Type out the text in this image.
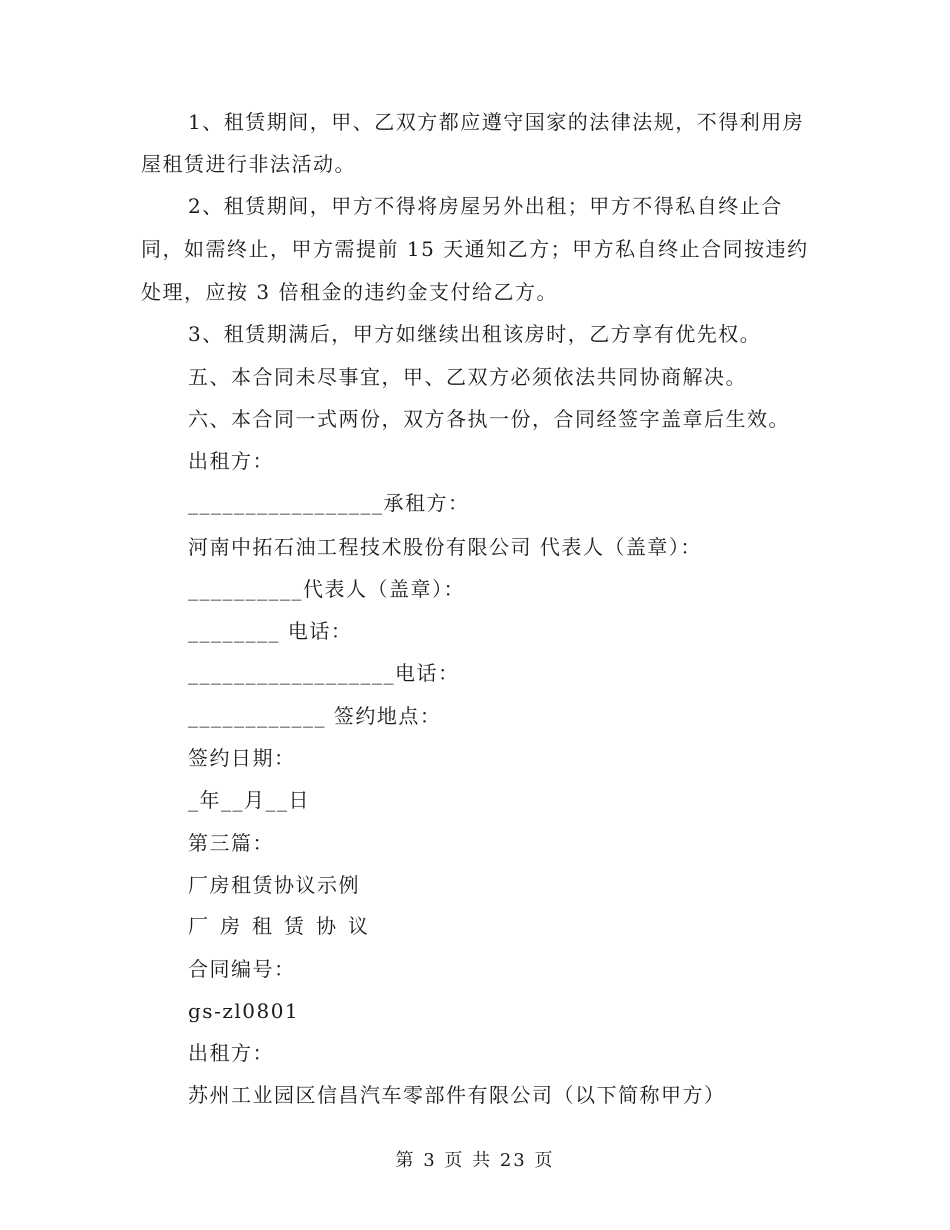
1、租赁期间，甲、乙双方都应遵守国家的法律法规，不得利用房
屋租赁进行非法活动。
2、租赁期间，甲方不得将房屋另外出租；甲方不得私自终止合
同，如需终止，甲方需提前 15 天通知乙方；甲方私自终止合同按违约
处理，应按 3 倍租金的违约金支付给乙方。
3、租赁期满后，甲方如继续出租该房时，乙方享有优先权。
五、本合同未尽事宜，甲、乙双方必须依法共同协商解决。
六、本合同一式两份，双方各执一份，合同经签字盖章后生效。
出租方：
_________________承租方：
河南中拓石油工程技术股份有限公司 代表人（盖章）：
__________代表人（盖章）：
________ 电话：
__________________电话：
____________ 签约地点：
签约日期：
_年__月__日
第三篇：
厂房租赁协议示例
厂房租赁协议
合同编号：
gs-zl0801
出租方：
苏州工业园区信昌汽车零部件有限公司（以下简称甲方）
第 3 页 共 23 页
